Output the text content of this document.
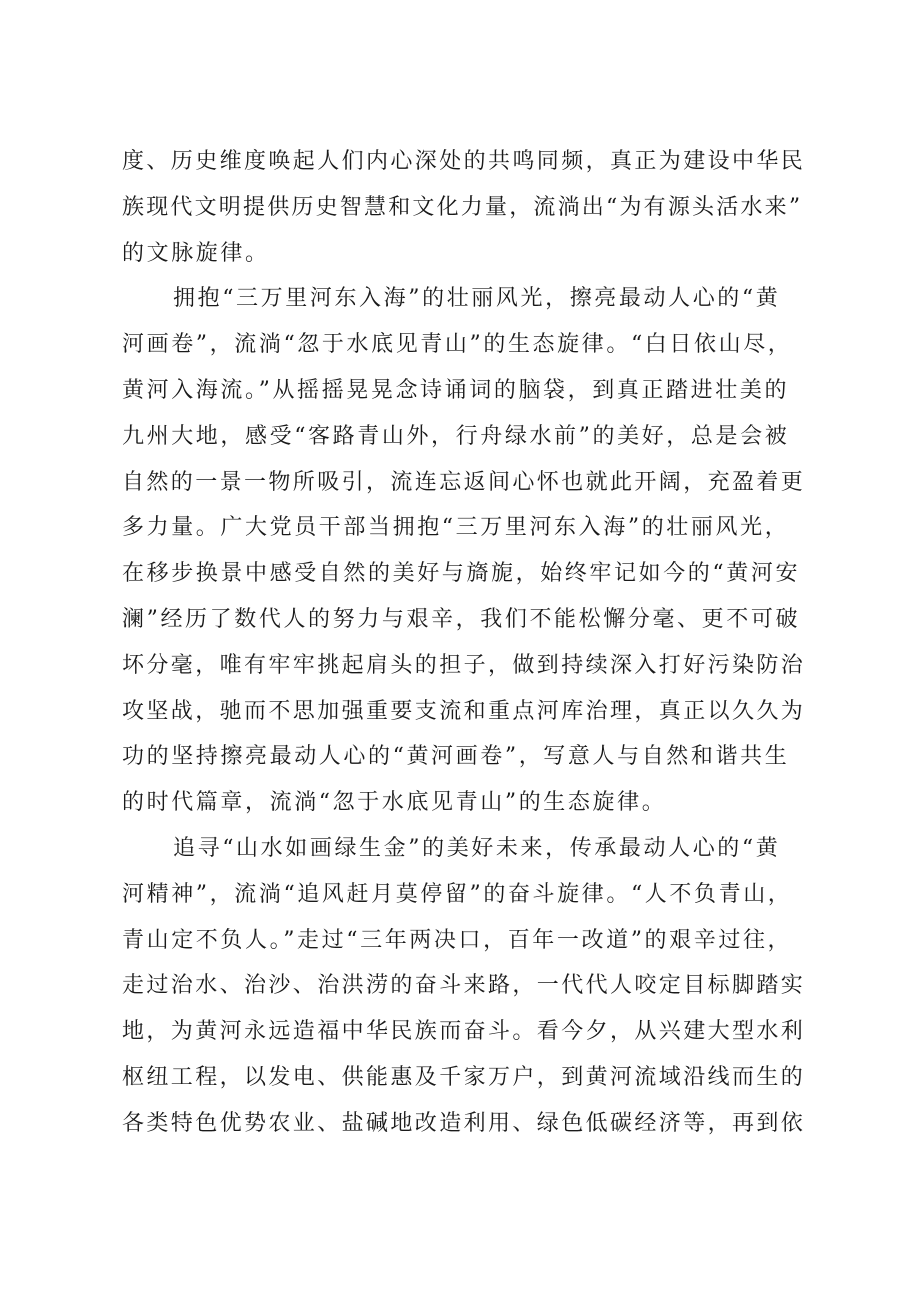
度、历史维度唤起人们内心深处的共鸣同频，真正为建设中华民
族现代文明提供历史智慧和文化力量，流淌出“为有源头活水来”
的文脉旋律。

拥抱“三万里河东入海”的壮丽风光，擦亮最动人心的“黄
河画卷”，流淌“忽于水底见青山”的生态旋律。“白日依山尽，
黄河入海流。”从摇摇晃晃念诗诵词的脑袋，到真正踏进壮美的
九州大地，感受“客路青山外，行舟绿水前”的美好，总是会被
自然的一景一物所吸引，流连忘返间心怀也就此开阔，充盈着更
多力量。广大党员干部当拥抱“三万里河东入海”的壮丽风光，
在移步换景中感受自然的美好与旖旎，始终牢记如今的“黄河安
澜”经历了数代人的努力与艰辛，我们不能松懈分毫、更不可破
坏分毫，唯有牢牢挑起肩头的担子，做到持续深入打好污染防治
攻坚战，驰而不思加强重要支流和重点河库治理，真正以久久为
功的坚持擦亮最动人心的“黄河画卷”，写意人与自然和谐共生
的时代篇章，流淌“忽于水底见青山”的生态旋律。

追寻“山水如画绿生金”的美好未来，传承最动人心的“黄
河精神”，流淌“追风赶月莫停留”的奋斗旋律。“人不负青山，
青山定不负人。”走过“三年两决口，百年一改道”的艰辛过往，
走过治水、治沙、治洪涝的奋斗来路，一代代人咬定目标脚踏实
地，为黄河永远造福中华民族而奋斗。看今夕，从兴建大型水利
枢纽工程，以发电、供能惠及千家万户，到黄河流域沿线而生的
各类特色优势农业、盐碱地改造利用、绿色低碳经济等，再到依
